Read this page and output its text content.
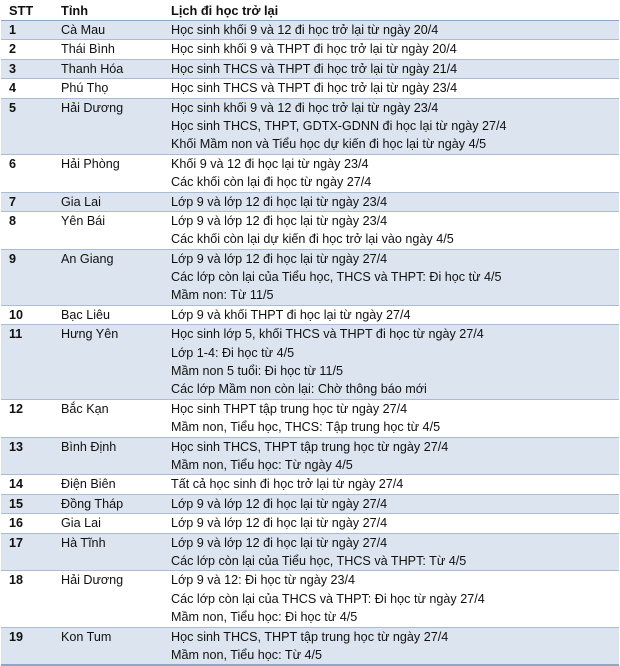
STT	Tỉnh	Lịch đi học trở lại

1	Cà Mau	Học sinh khối 9 và 12 đi học trở lại từ ngày 20/4

2	Thái Bình	Học sinh khối 9 và THPT đi học trở lại từ ngày 20/4

3	Thanh Hóa	Học sinh THCS và THPT đi học trở lại từ ngày 21/4

4	Phú Thọ	Học sinh THCS và THPT đi học trở lại từ ngày 23/4

5	Hải Dương	Học sinh khối 9 và 12 đi học trở lại từ ngày 23/4
Học sinh THCS, THPT, GDTX-GDNN đi học lại từ ngày 27/4
Khối Mầm non và Tiểu học dự kiến đi học lại từ ngày 4/5

6	Hải Phòng	Khối 9 và 12 đi học lại từ ngày 23/4
Các khối còn lại đi học từ ngày 27/4

7	Gia Lai	Lớp 9 và lớp 12 đi học lại từ ngày 23/4

8	Yên Bái	Lớp 9 và lớp 12 đi học lại từ ngày 23/4
Các khối còn lại dự kiến đi học trở lại vào ngày 4/5

9	An Giang	Lớp 9 và lớp 12 đi học lại từ ngày 27/4
Các lớp còn lại của Tiểu học, THCS và THPT: Đi học từ 4/5
Mầm non: Từ 11/5

10	Bạc Liêu	Lớp 9 và khối THPT đi học lại từ ngày 27/4

11	Hưng Yên	Học sinh lớp 5, khối THCS và THPT đi học từ ngày 27/4
Lớp 1-4: Đi học từ 4/5
Mầm non 5 tuổi: Đi học từ 11/5
Các lớp Mầm non còn lại: Chờ thông báo mới

12	Bắc Kạn	Học sinh THPT tập trung học từ ngày 27/4
Mầm non, Tiểu học, THCS: Tập trung học từ 4/5

13	Bình Định	Học sinh THCS, THPT tập trung học từ ngày 27/4
Mầm non, Tiểu học: Từ ngày 4/5

14	Điện Biên	Tất cả học sinh đi học trở lại từ ngày 27/4

15	Đồng Tháp	Lớp 9 và lớp 12 đi học lại từ ngày 27/4

16	Gia Lai	Lớp 9 và lớp 12 đi học lại từ ngày 27/4

17	Hà Tĩnh	Lớp 9 và lớp 12 đi học lại từ ngày 27/4
Các lớp còn lại của Tiểu học, THCS và THPT: Từ 4/5

18	Hải Dương	Lớp 9 và 12: Đi học từ ngày 23/4
Các lớp còn lại của THCS và THPT: Đi học từ ngày 27/4
Mầm non, Tiểu học: Đi học từ 4/5

19	Kon Tum	Học sinh THCS, THPT tập trung học từ ngày 27/4
Mầm non, Tiểu học: Từ 4/5
